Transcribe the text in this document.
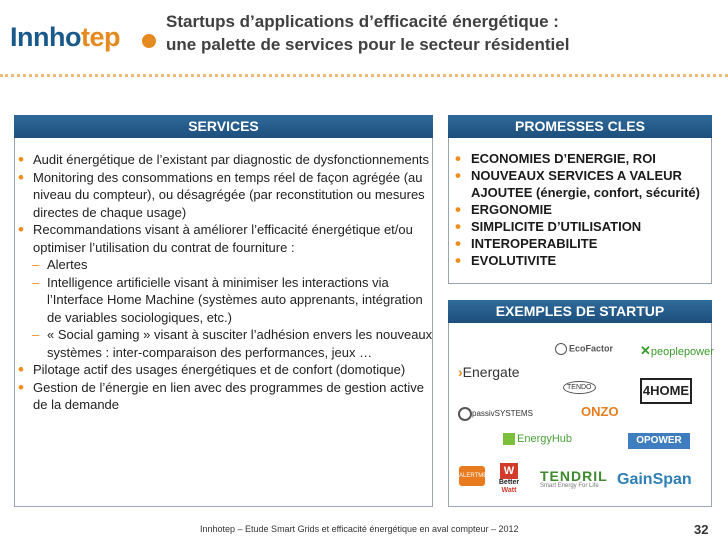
Innhotep
Startups d’applications d’efficacité énergétique :
une palette de services pour le secteur résidentiel
SERVICES
• Audit énergétique de l’existant par diagnostic de dysfonctionnements
• Monitoring des consommations en temps réel de façon agrégée (au niveau du compteur), ou désagrégée (par reconstitution ou mesures directes de chaque usage)
• Recommandations visant à améliorer l’efficacité énergétique et/ou optimiser l’utilisation du contrat de fourniture :
– Alertes
– Intelligence artificielle visant à minimiser les interactions via l’Interface Home Machine (systèmes auto apprenants, intégration de variables sociologiques, etc.)
– « Social gaming » visant à susciter l’adhésion envers les nouveaux systèmes : inter-comparaison des performances, jeux …
• Pilotage actif des usages énergétiques et de confort (domotique)
• Gestion de l’énergie en lien avec des programmes de gestion active de la demande
PROMESSES CLES
• ECONOMIES D’ENERGIE, ROI
• NOUVEAUX SERVICES A VALEUR AJOUTEE (énergie, confort, sécurité)
• ERGONOMIE
• SIMPLICITE D’UTILISATION
• INTEROPERABILITE
• EVOLUTIVITE
EXEMPLES DE STARTUP
EcoFactor ✕peoplepower
›Energate
TENDO	4HOME
passivSYSTEMS	ONZO
EnergyHub	OPOWER
ALERTME	W
Better
Watt
TENDRIL
Smart Energy For Life	GainSpan
Innhotep – Etude Smart Grids et efficacité énergétique en aval compteur – 2012	32
